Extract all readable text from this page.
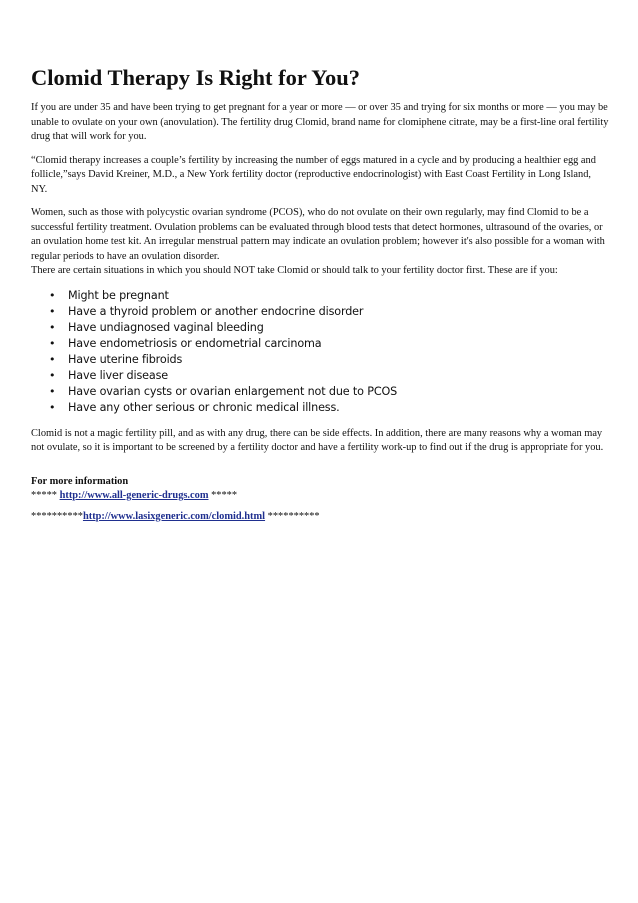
Clomid Therapy Is Right for You?

If you are under 35 and have been trying to get pregnant for a year or more — or over 35 and trying for six months or more — you may be unable to ovulate on your own (anovulation). The fertility drug Clomid, brand name for clomiphene citrate, may be a first-line oral fertility drug that will work for you.

“Clomid therapy increases a couple’s fertility by increasing the number of eggs matured in a cycle and by producing a healthier egg and follicle,”says David Kreiner, M.D., a New York fertility doctor (reproductive endocrinologist) with East Coast Fertility in Long Island, NY.

Women, such as those with polycystic ovarian syndrome (PCOS), who do not ovulate on their own regularly, may find Clomid to be a successful fertility treatment. Ovulation problems can be evaluated through blood tests that detect hormones, ultrasound of the ovaries, or an ovulation home test kit. An irregular menstrual pattern may indicate an ovulation problem; however it's also possible for a woman with regular periods to have an ovulation disorder.

There are certain situations in which you should NOT take Clomid or should talk to your fertility doctor first. These are if you:

•	Might be pregnant
•	Have a thyroid problem or another endocrine disorder
•	Have undiagnosed vaginal bleeding
•	Have endometriosis or endometrial carcinoma
•	Have uterine fibroids
•	Have liver disease
•	Have ovarian cysts or ovarian enlargement not due to PCOS
•	Have any other serious or chronic medical illness.

Clomid is not a magic fertility pill, and as with any drug, there can be side effects. In addition, there are many reasons why a woman may not ovulate, so it is important to be screened by a fertility doctor and have a fertility work-up to find out if the drug is appropriate for you.

For more information
***** http://www.all-generic-drugs.com *****
**********http://www.lasixgeneric.com/clomid.html **********
